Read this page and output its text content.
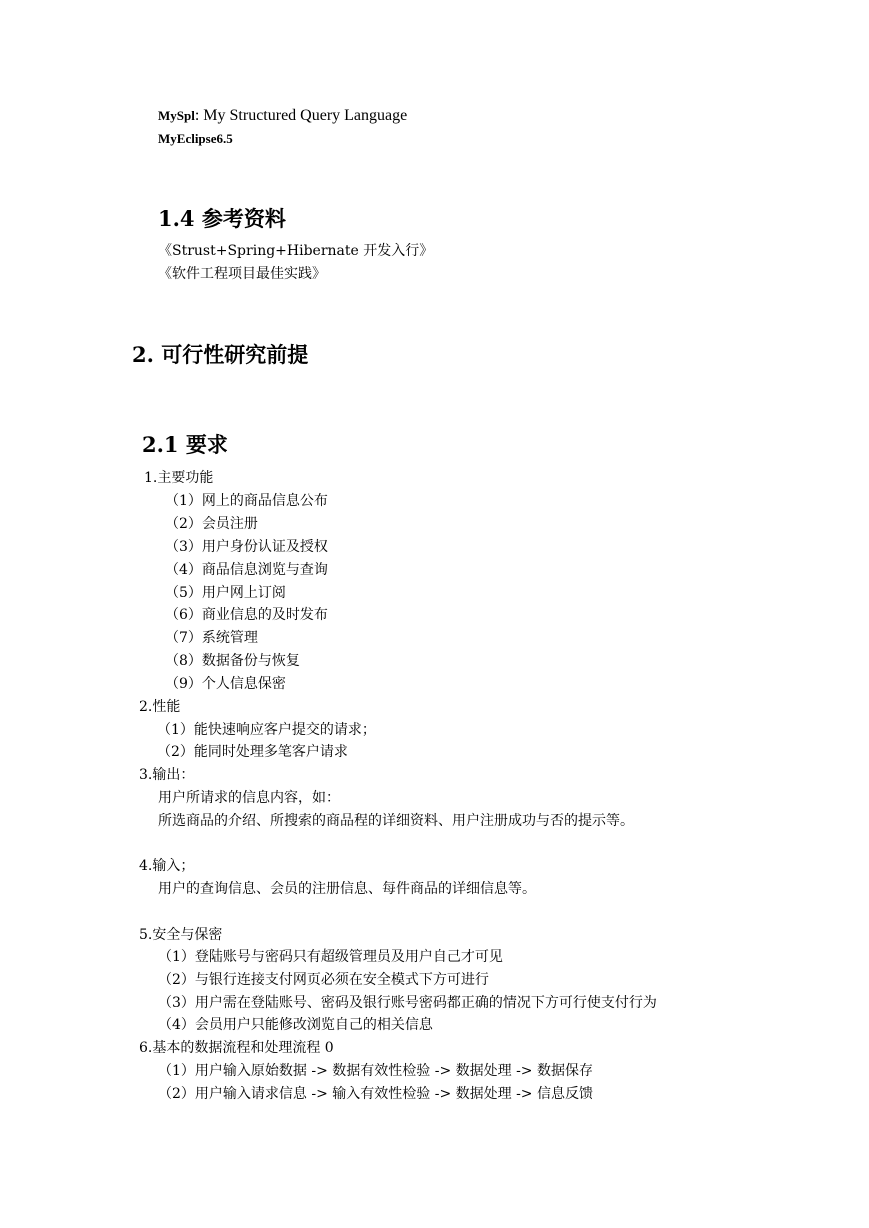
MySpl: My Structured Query Language
MyEclipse6.5
1.4 参考资料
《Strust+Spring+Hibernate 开发入行》
《软件工程项目最佳实践》
2. 可行性研究前提
2.1 要求
1.主要功能
（1）网上的商品信息公布
（2）会员注册
（3）用户身份认证及授权
（4）商品信息浏览与查询
（5）用户网上订阅
（6）商业信息的及时发布
（7）系统管理
（8）数据备份与恢复
（9）个人信息保密
2.性能
（1）能快速响应客户提交的请求；
（2）能同时处理多笔客户请求
3.输出：
用户所请求的信息内容，如：
所选商品的介绍、所搜索的商品程的详细资料、用户注册成功与否的提示等。
4.输入；
用户的查询信息、会员的注册信息、每件商品的详细信息等。
5.安全与保密
（1）登陆账号与密码只有超级管理员及用户自己才可见
（2）与银行连接支付网页必须在安全模式下方可进行
（3）用户需在登陆账号、密码及银行账号密码都正确的情况下方可行使支付行为
（4）会员用户只能修改浏览自己的相关信息
6.基本的数据流程和处理流程 0
（1）用户输入原始数据 -> 数据有效性检验 -> 数据处理 -> 数据保存
（2）用户输入请求信息 -> 输入有效性检验 -> 数据处理 -> 信息反馈
